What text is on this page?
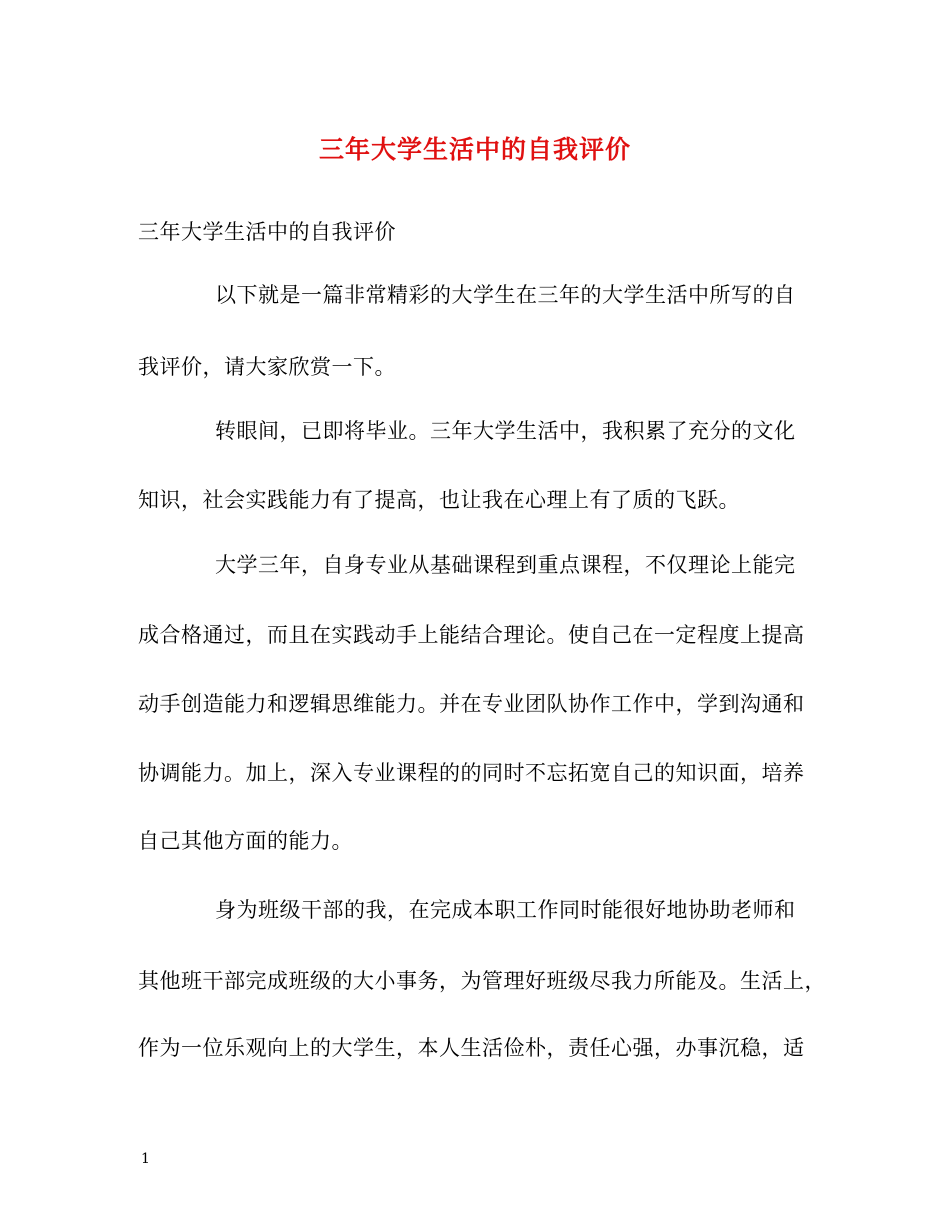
三年大学生活中的自我评价
三年大学生活中的自我评价
以下就是一篇非常精彩的大学生在三年的大学生活中所写的自
我评价，请大家欣赏一下。
转眼间，已即将毕业。三年大学生活中，我积累了充分的文化
知识，社会实践能力有了提高，也让我在心理上有了质的飞跃。
大学三年，自身专业从基础课程到重点课程，不仅理论上能完
成合格通过，而且在实践动手上能结合理论。使自己在一定程度上提高
动手创造能力和逻辑思维能力。并在专业团队协作工作中，学到沟通和
协调能力。加上，深入专业课程的的同时不忘拓宽自己的知识面，培养
自己其他方面的能力。
身为班级干部的我，在完成本职工作同时能很好地协助老师和
其他班干部完成班级的大小事务，为管理好班级尽我力所能及。生活上，
作为一位乐观向上的大学生，本人生活俭朴，责任心强，办事沉稳，适
1
